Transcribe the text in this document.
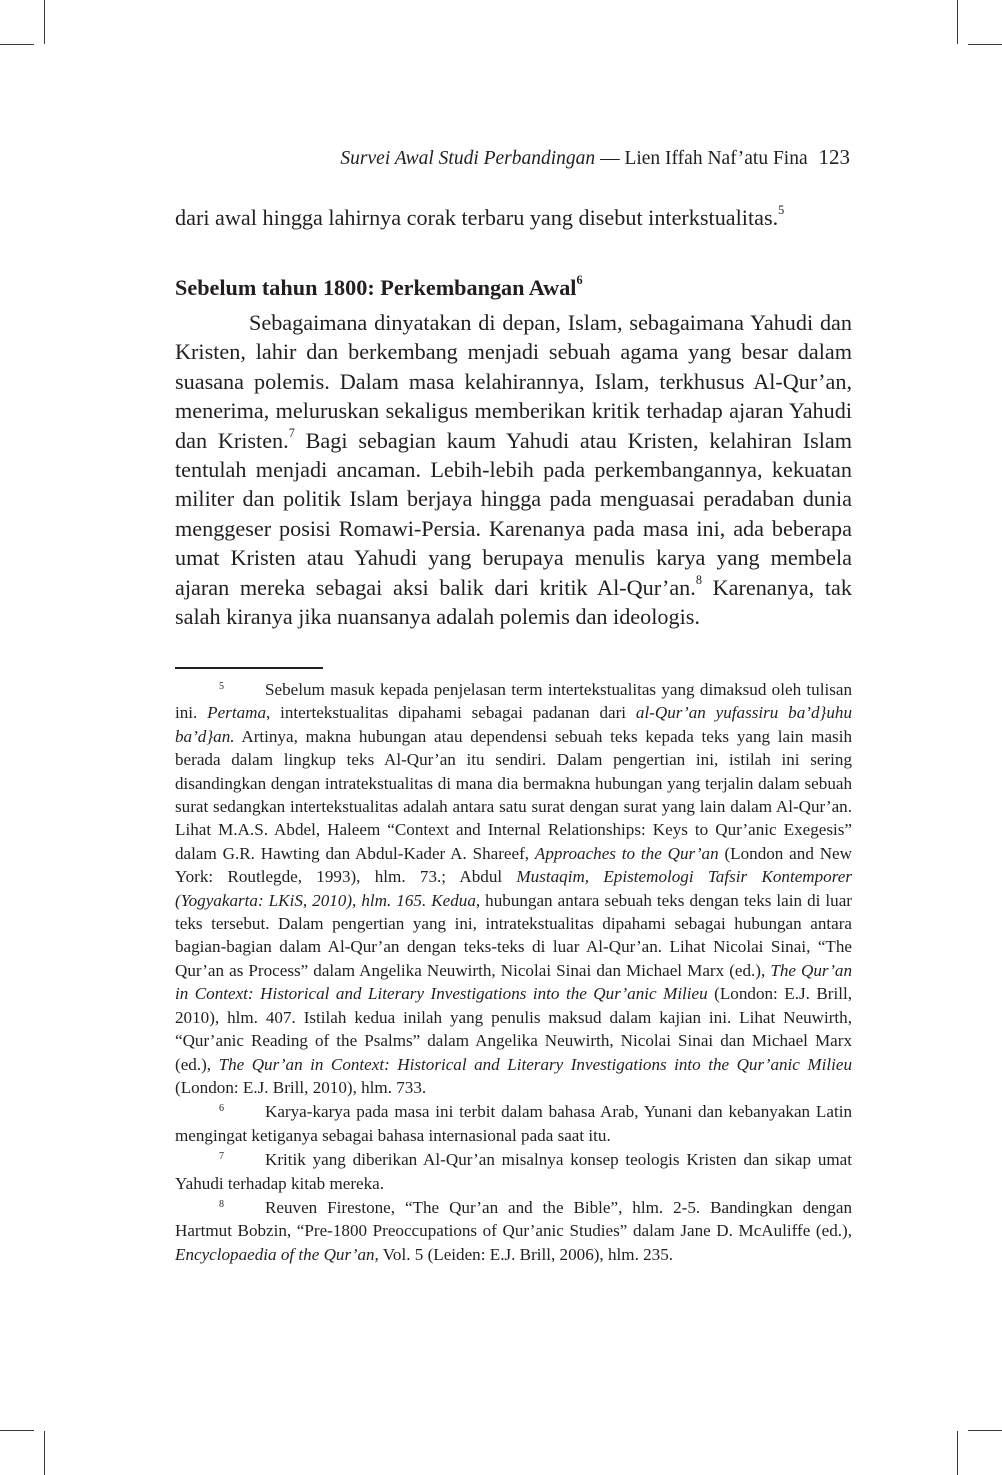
Survei Awal Studi Perbandingan — Lien Iffah Naf’atu Fina 123

dari awal hingga lahirnya corak terbaru yang disebut interkstualitas.$^5$

Sebelum tahun 1800: Perkembangan Awal$^6$

Sebagaimana dinyatakan di depan, Islam, sebagaimana Yahudi dan Kristen, lahir dan berkembang menjadi sebuah agama yang besar dalam suasana polemis. Dalam masa kelahirannya, Islam, terkhusus Al-Qur’an, menerima, meluruskan sekaligus memberikan kritik terhadap ajaran Yahudi dan Kristen.$^7$ Bagi sebagian kaum Yahudi atau Kristen, kelahiran Islam tentulah menjadi ancaman. Lebih-lebih pada perkembangannya, kekuatan militer dan politik Islam berjaya hingga pada menguasai peradaban dunia menggeser posisi Romawi-Persia. Karenanya pada masa ini, ada beberapa umat Kristen atau Yahudi yang berupaya menulis karya yang membela ajaran mereka sebagai aksi balik dari kritik Al-Qur’an.$^8$ Karenanya, tak salah kiranya jika nuansanya adalah polemis dan ideologis.

5 Sebelum masuk kepada penjelasan term intertekstualitas yang dimaksud oleh tulisan ini. Pertama, intertekstualitas dipahami sebagai padanan dari al-Qur’an yufassiru ba’d}uhu ba’d}an. Artinya, makna hubungan atau dependensi sebuah teks kepada teks yang lain masih berada dalam lingkup teks Al-Qur’an itu sendiri. Dalam pengertian ini, istilah ini sering disandingkan dengan intratekstualitas di mana dia bermakna hubungan yang terjalin dalam sebuah surat sedangkan intertekstualitas adalah antara satu surat dengan surat yang lain dalam Al-Qur’an. Lihat M.A.S. Abdel, Haleem “Context and Internal Relationships: Keys to Qur’anic Exegesis” dalam G.R. Hawting dan Abdul-Kader A. Shareef, Approaches to the Qur’an (London and New York: Routlegde, 1993), hlm. 73.; Abdul Mustaqim, Epistemologi Tafsir Kontemporer (Yogyakarta: LKiS, 2010), hlm. 165. Kedua, hubungan antara sebuah teks dengan teks lain di luar teks tersebut. Dalam pengertian yang ini, intratekstualitas dipahami sebagai hubungan antara bagian-bagian dalam Al-Qur’an dengan teks-teks di luar Al-Qur’an. Lihat Nicolai Sinai, “The Qur’an as Process” dalam Angelika Neuwirth, Nicolai Sinai dan Michael Marx (ed.), The Qur’an in Context: Historical and Literary Investigations into the Qur’anic Milieu (London: E.J. Brill, 2010), hlm. 407. Istilah kedua inilah yang penulis maksud dalam kajian ini. Lihat Neuwirth, “Qur’anic Reading of the Psalms” dalam Angelika Neuwirth, Nicolai Sinai dan Michael Marx (ed.), The Qur’an in Context: Historical and Literary Investigations into the Qur’anic Milieu (London: E.J. Brill, 2010), hlm. 733.

6 Karya-karya pada masa ini terbit dalam bahasa Arab, Yunani dan kebanyakan Latin mengingat ketiganya sebagai bahasa internasional pada saat itu.

7 Kritik yang diberikan Al-Qur’an misalnya konsep teologis Kristen dan sikap umat Yahudi terhadap kitab mereka.

8 Reuven Firestone, “The Qur’an and the Bible”, hlm. 2-5. Bandingkan dengan Hartmut Bobzin, “Pre-1800 Preoccupations of Qur’anic Studies” dalam Jane D. McAuliffe (ed.), Encyclopaedia of the Qur’an, Vol. 5 (Leiden: E.J. Brill, 2006), hlm. 235.
